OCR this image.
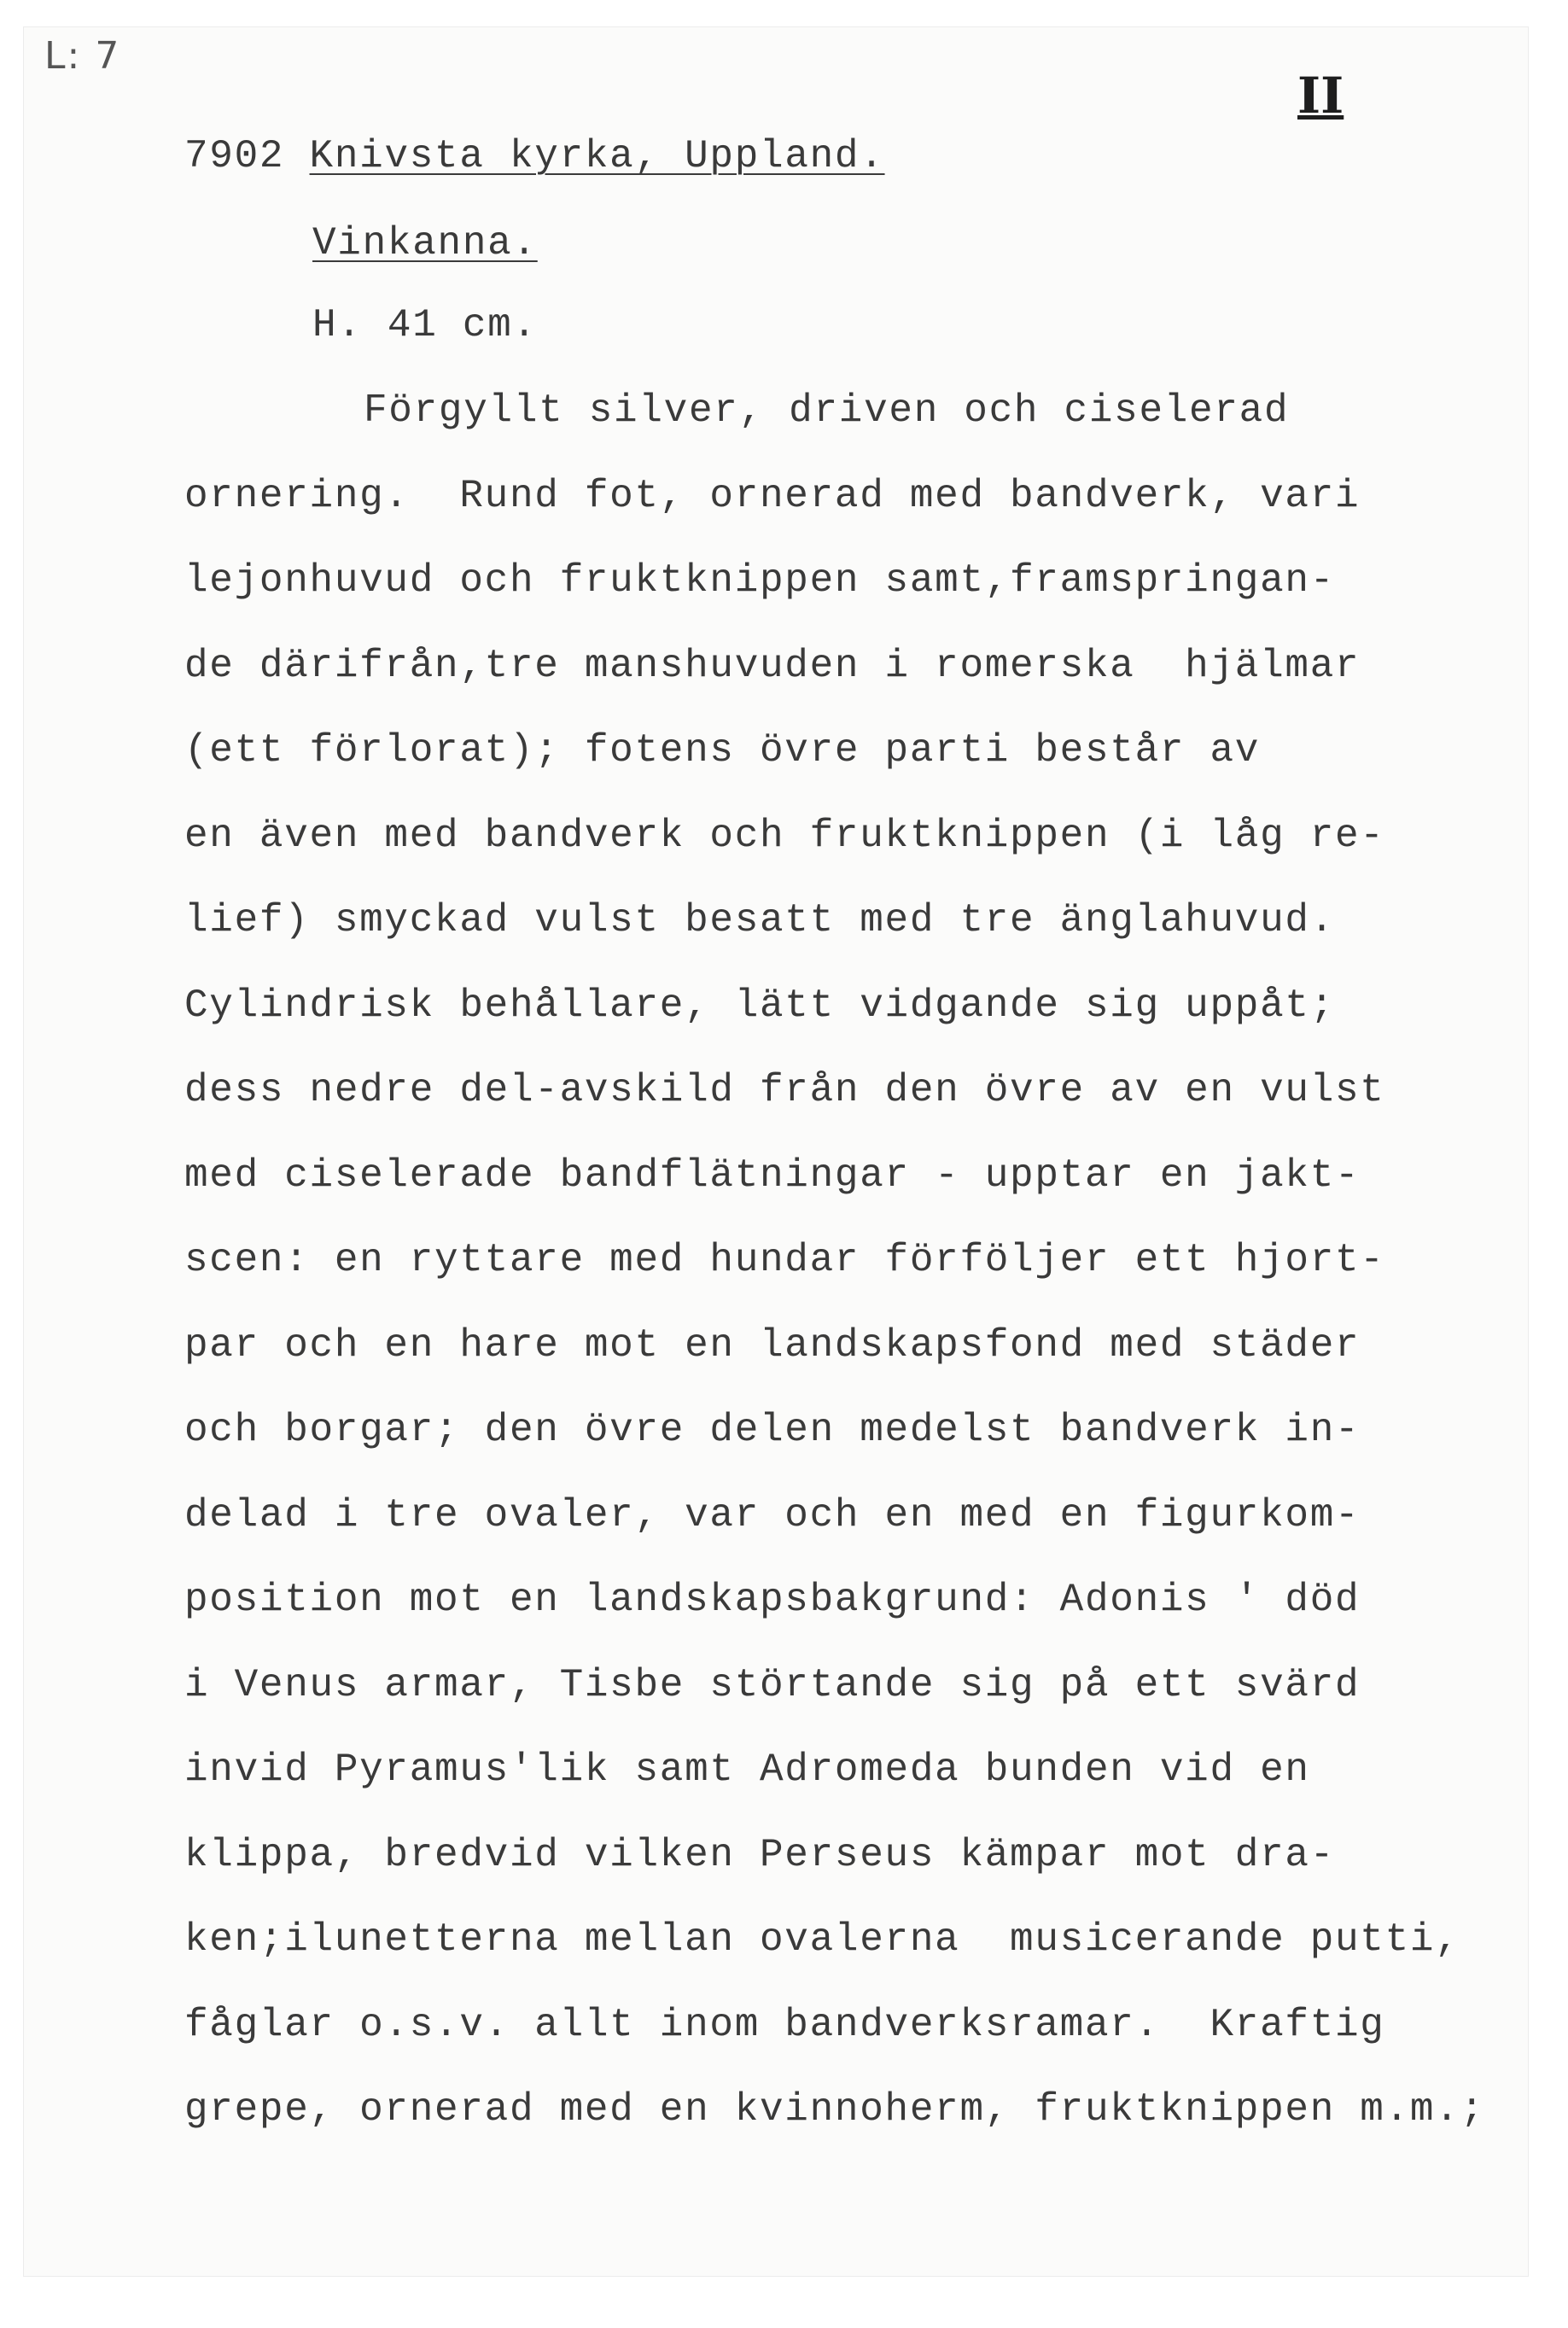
L: 7
II
7902 Knivsta kyrka, Uppland.
Vinkanna.
H. 41 cm.
Förgyllt silver, driven och ciselerad
ornering.  Rund fot, ornerad med bandverk, vari
lejonhuvud och fruktknippen samt,framspringan-
de därifrån,tre manshuvuden i romerska  hjälmar
(ett förlorat); fotens övre parti består av
en även med bandverk och fruktknippen (i låg re-
lief) smyckad vulst besatt med tre änglahuvud.
Cylindrisk behållare, lätt vidgande sig uppåt;
dess nedre del-avskild från den övre av en vulst
med ciselerade bandflätningar - upptar en jakt-
scen: en ryttare med hundar förföljer ett hjort-
par och en hare mot en landskapsfond med städer
och borgar; den övre delen medelst bandverk in-
delad i tre ovaler, var och en med en figurkom-
position mot en landskapsbakgrund: Adonis ' död
i Venus armar, Tisbe störtande sig på ett svärd
invid Pyramus'lik samt Adromeda bunden vid en
klippa, bredvid vilken Perseus kämpar mot dra-
ken;ilunetterna mellan ovalerna  musicerande putti,
fåglar o.s.v. allt inom bandverksramar.  Kraftig
grepe, ornerad med en kvinnoherm, fruktknippen m.m.;
